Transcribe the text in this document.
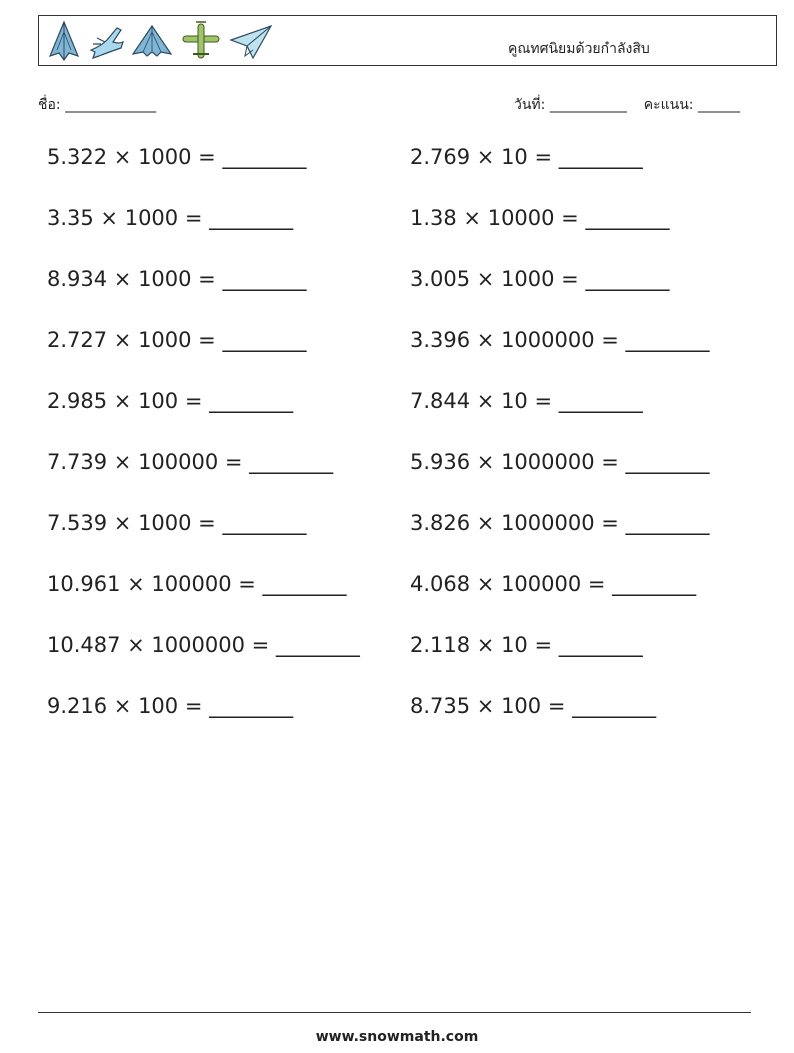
คูณทศนิยมด้วยกำลังสิบ
ชื่อ: _____________	วันที่: ___________ คะแนน: ______
5.322 × 1000 = ________	2.769 × 10 = ________
3.35 × 1000 = ________	1.38 × 10000 = ________
8.934 × 1000 = ________	3.005 × 1000 = ________
2.727 × 1000 = ________	3.396 × 1000000 = ________
2.985 × 100 = ________	7.844 × 10 = ________
7.739 × 100000 = ________	5.936 × 1000000 = ________
7.539 × 1000 = ________	3.826 × 1000000 = ________
10.961 × 100000 = ________	4.068 × 100000 = ________
10.487 × 1000000 = ________ 2.118 × 10 = ________
9.216 × 100 = ________	8.735 × 100 = ________
www.snowmath.com
